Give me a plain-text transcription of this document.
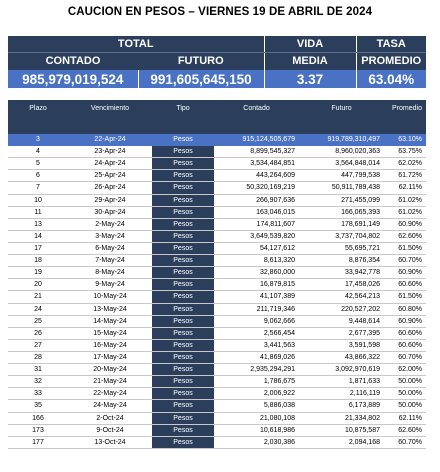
CAUCION EN PESOS – VIERNES 19 DE ABRIL DE 2024
TOTAL		VIDA	TASA
CONTADO	FUTURO	MEDIA	PROMEDIO
985,979,019,524	991,605,645,150	3.37	63.04%
Plazo	Vencimiento	Tipo	Contado	Futuro	Promedio
3	22-Apr-24	Pesos	915,124,505,679	919,789,310,497	63.10%
4	23-Apr-24	Pesos	8,899,545,327	8,960,020,363	63.75%
5	24-Apr-24	Pesos	3,534,484,851	3,564,848,014	62.02%
6	25-Apr-24	Pesos	443,264,609	447,799,538	61.72%
7	26-Apr-24	Pesos	50,320,169,219	50,911,789,438	62.11%
10	29-Apr-24	Pesos	266,907,636	271,455,099	61.02%
11	30-Apr-24	Pesos	163,046,015	166,065,393	61.02%
13	2-May-24	Pesos	174,811,607	178,691,149	60.90%
14	3-May-24	Pesos	3,649,539,820	3,737,704,802	62.60%
17	6-May-24	Pesos	54,127,612	55,695,721	61.50%
18	7-May-24	Pesos	8,613,320	8,876,354	60.70%
19	8-May-24	Pesos	32,860,000	33,942,778	60.90%
20	9-May-24	Pesos	16,879,815	17,458,026	60.60%
21	10-May-24	Pesos	41,107,389	42,564,213	61.50%
24	13-May-24	Pesos	211,719,346	220,527,202	60.80%
25	14-May-24	Pesos	9,062,666	9,448,614	60.90%
26	15-May-24	Pesos	2,566,454	2,677,395	60.60%
27	16-May-24	Pesos	3,441,563	3,591,598	60.60%
28	17-May-24	Pesos	41,869,026	43,866,322	60.70%
31	20-May-24	Pesos	2,935,294,291	3,092,970,619	62.00%
32	21-May-24	Pesos	1,786,675	1,871,633	50.00%
33	22-May-24	Pesos	2,006,922	2,116,119	50.00%
35	24-May-24	Pesos	5,886,038	6,173,889	50.00%
166	2-Oct-24	Pesos	21,080,108	21,334,802	62.11%
173	9-Oct-24	Pesos	10,618,986	10,875,587	62.60%
177	13-Oct-24	Pesos	2,030,386	2,094,168	60.70%
